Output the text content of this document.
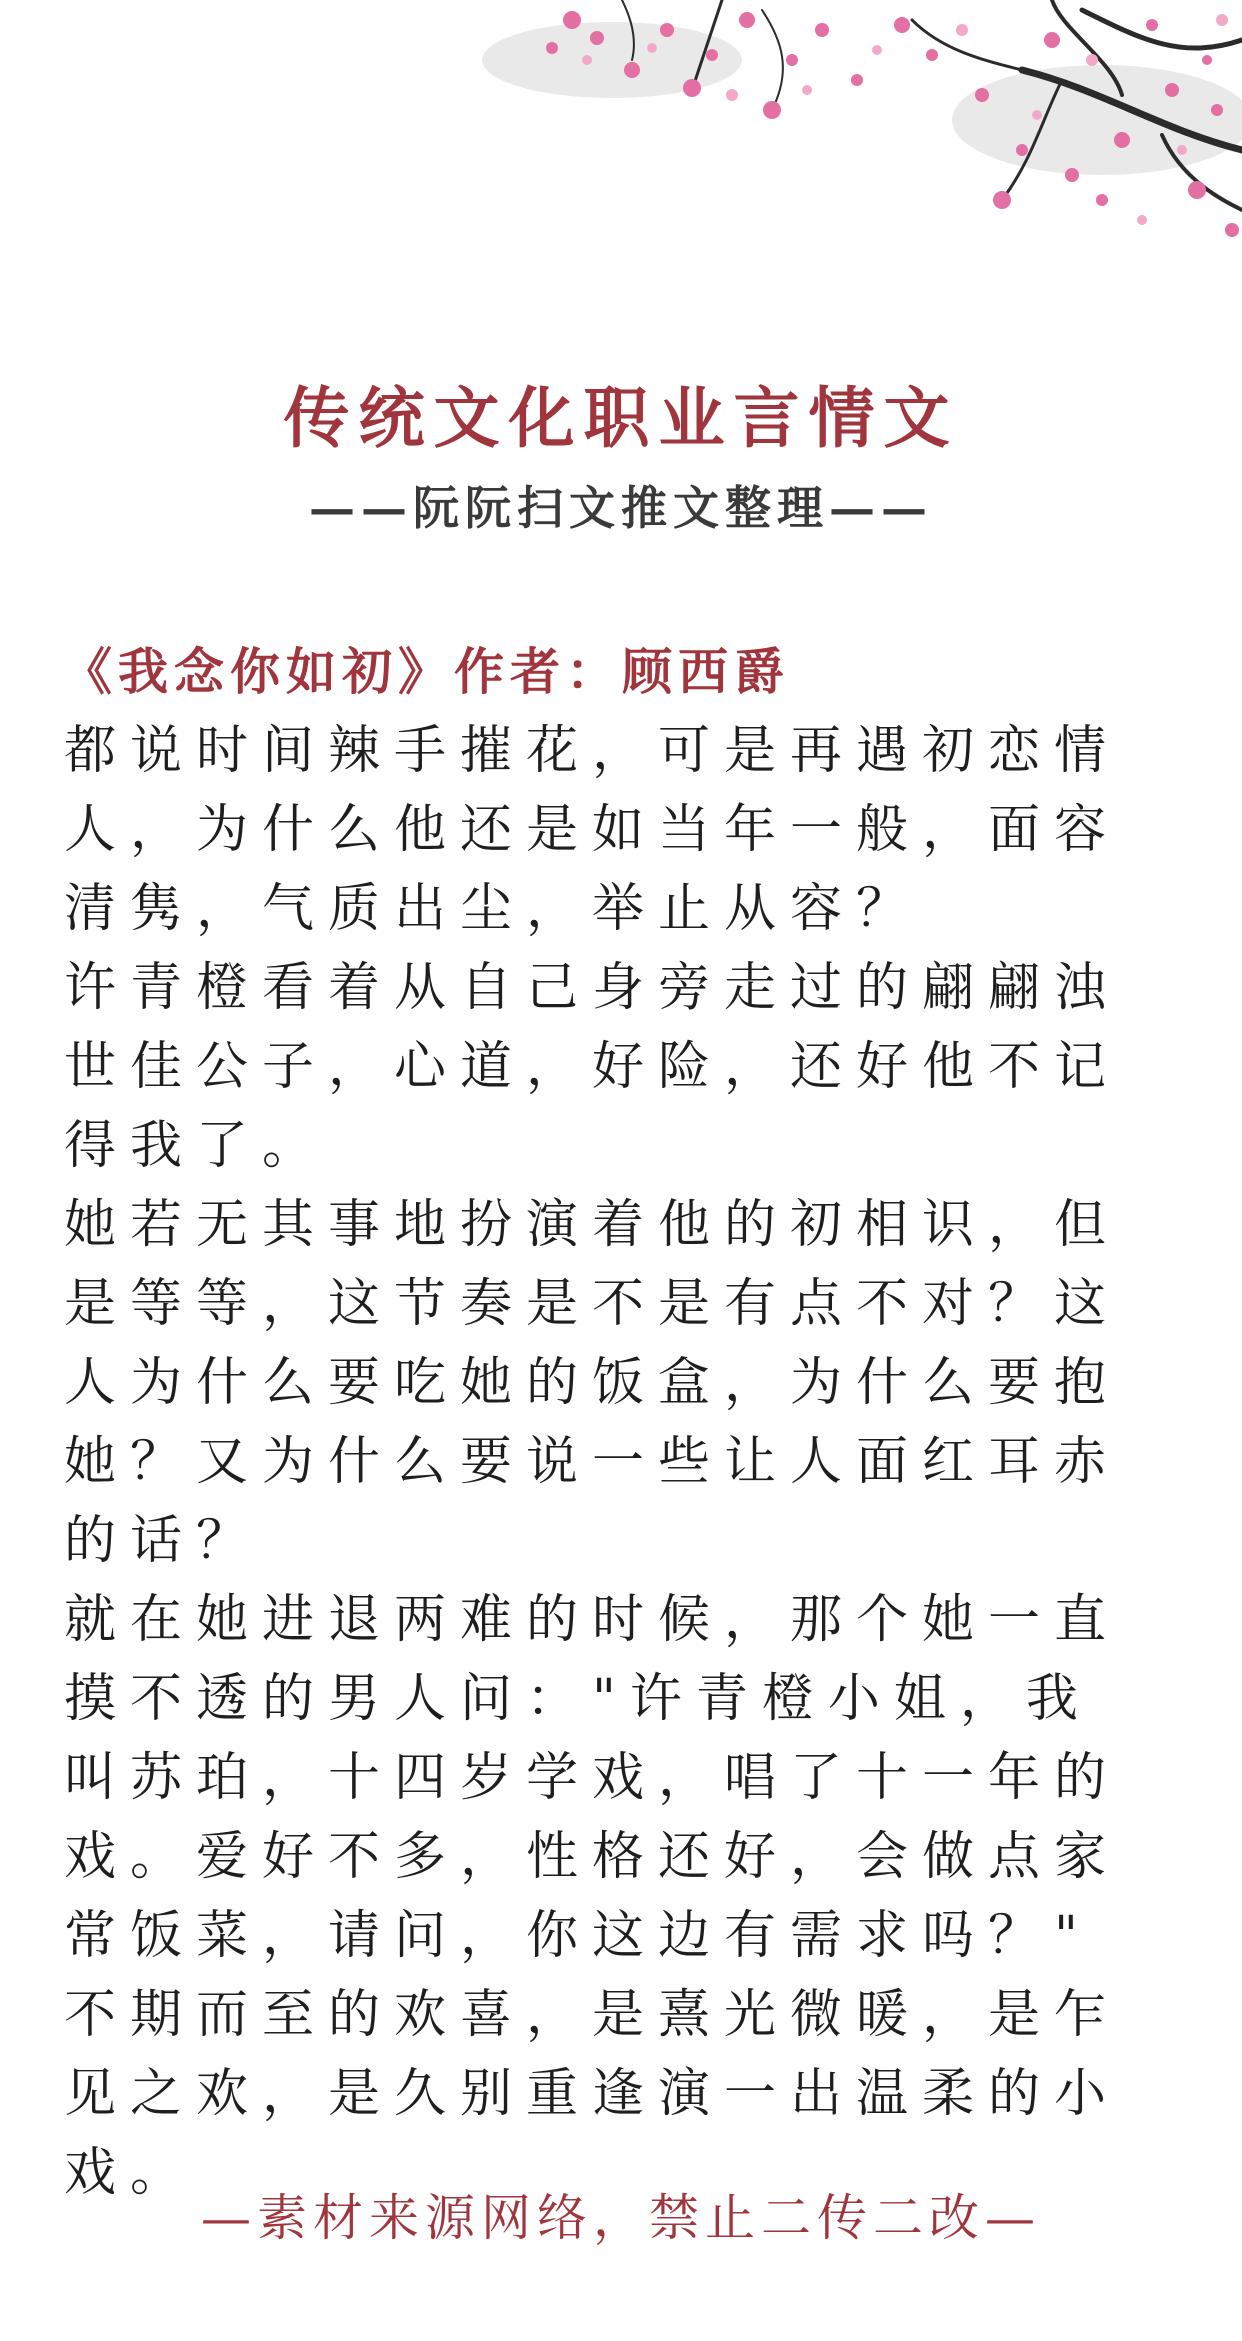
传统文化职业言情文
——阮阮扫文推文整理——
《我念你如初》作者：顾西爵

都说时间辣手摧花，可是再遇初恋情人，为什么他还是如当年一般，面容清隽，气质出尘，举止从容？

许青橙看着从自己身旁走过的翩翩浊世佳公子，心道，好险，还好他不记得我了。

她若无其事地扮演着他的初相识，但是等等，这节奏是不是有点不对？这人为什么要吃她的饭盒，为什么要抱她？又为什么要说一些让人面红耳赤的话？

就在她进退两难的时候，那个她一直摸不透的男人问："许青橙小姐，我叫苏珀，十四岁学戏，唱了十一年的戏。爱好不多，性格还好，会做点家常饭菜，请问，你这边有需求吗？"

不期而至的欢喜，是熹光微暖，是乍见之欢，是久别重逢演一出温柔的小戏。

—素材来源网络，禁止二传二改—
